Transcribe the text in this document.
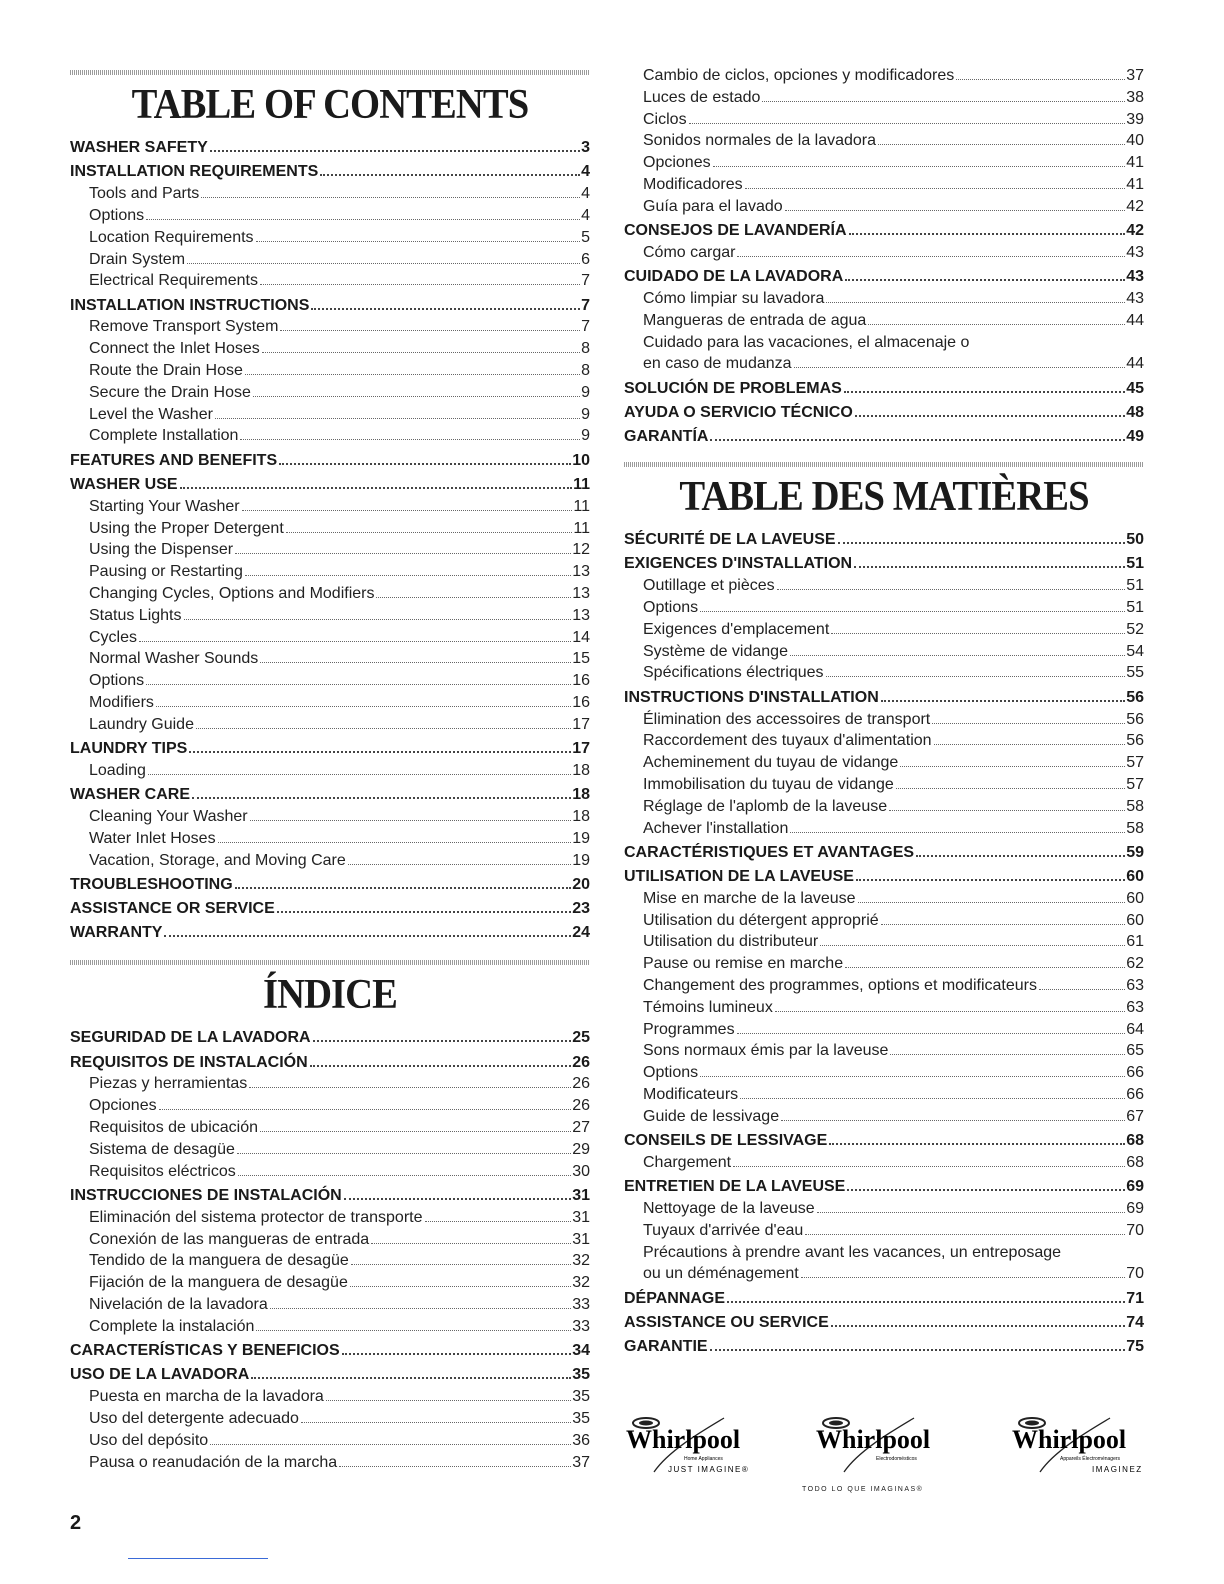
TABLE OF CONTENTS
WASHER SAFETY	3
INSTALLATION REQUIREMENTS	4
Tools and Parts	4
Options	4
Location Requirements	5
Drain System	6
Electrical Requirements	7
INSTALLATION INSTRUCTIONS	7
Remove Transport System	7
Connect the Inlet Hoses	8
Route the Drain Hose	8
Secure the Drain Hose	9
Level the Washer	9
Complete Installation	9
FEATURES AND BENEFITS	10
WASHER USE	11
Starting Your Washer	11
Using the Proper Detergent	11
Using the Dispenser	12
Pausing or Restarting	13
Changing Cycles, Options and Modifiers	13
Status Lights	13
Cycles	14
Normal Washer Sounds	15
Options	16
Modifiers	16
Laundry Guide	17
LAUNDRY TIPS	17
Loading	18
WASHER CARE	18
Cleaning Your Washer	18
Water Inlet Hoses	19
Vacation, Storage, and Moving Care	19
TROUBLESHOOTING	20
ASSISTANCE OR SERVICE	23
WARRANTY	24
ÍNDICE
SEGURIDAD DE LA LAVADORA	25
REQUISITOS DE INSTALACIÓN	26
Piezas y herramientas	26
Opciones	26
Requisitos de ubicación	27
Sistema de desagüe	29
Requisitos eléctricos	30
INSTRUCCIONES DE INSTALACIÓN	31
Eliminación del sistema protector de transporte	31
Conexión de las mangueras de entrada	31
Tendido de la manguera de desagüe	32
Fijación de la manguera de desagüe	32
Nivelación de la lavadora	33
Complete la instalación	33
CARACTERÍSTICAS Y BENEFICIOS	34
USO DE LA LAVADORA	35
Puesta en marcha de la lavadora	35
Uso del detergente adecuado	35
Uso del depósito	36
Pausa o reanudación de la marcha	37
Cambio de ciclos, opciones y modificadores	37
Luces de estado	38
Ciclos	39
Sonidos normales de la lavadora	40
Opciones	41
Modificadores	41
Guía para el lavado	42
CONSEJOS DE LAVANDERÍA	42
Cómo cargar	43
CUIDADO DE LA LAVADORA	43
Cómo limpiar su lavadora	43
Mangueras de entrada de agua	44
Cuidado para las vacaciones, el almacenaje o
en caso de mudanza	44
SOLUCIÓN DE PROBLEMAS	45
AYUDA O SERVICIO TÉCNICO	48
GARANTÍA	49
TABLE DES MATIÈRES
SÉCURITÉ DE LA LAVEUSE	50
EXIGENCES D'INSTALLATION	51
Outillage et pièces	51
Options	51
Exigences d'emplacement	52
Système de vidange	54
Spécifications électriques	55
INSTRUCTIONS D'INSTALLATION	56
Élimination des accessoires de transport	56
Raccordement des tuyaux d'alimentation	56
Acheminement du tuyau de vidange	57
Immobilisation du tuyau de vidange	57
Réglage de l'aplomb de la laveuse	58
Achever l'installation	58
CARACTÉRISTIQUES ET AVANTAGES	59
UTILISATION DE LA LAVEUSE	60
Mise en marche de la laveuse	60
Utilisation du détergent approprié	60
Utilisation du distributeur	61
Pause ou remise en marche	62
Changement des programmes, options et modificateurs	63
Témoins lumineux	63
Programmes	64
Sons normaux émis par la laveuse	65
Options	66
Modificateurs	66
Guide de lessivage	67
CONSEILS DE LESSIVAGE	68
Chargement	68
ENTRETIEN DE LA LAVEUSE	69
Nettoyage de la laveuse	69
Tuyaux d'arrivée d'eau	70
Précautions à prendre avant les vacances, un entreposage
ou un déménagement	70
DÉPANNAGE	71
ASSISTANCE OU SERVICE	74
GARANTIE	75
Whirlpool
Home Appliances
JUST IMAGINE®
Whirlpool
Electrodomésticos
TODO LO QUE IMAGINAS®
Whirlpool
Appareils Électroménagers
IMAGINEZ
2
